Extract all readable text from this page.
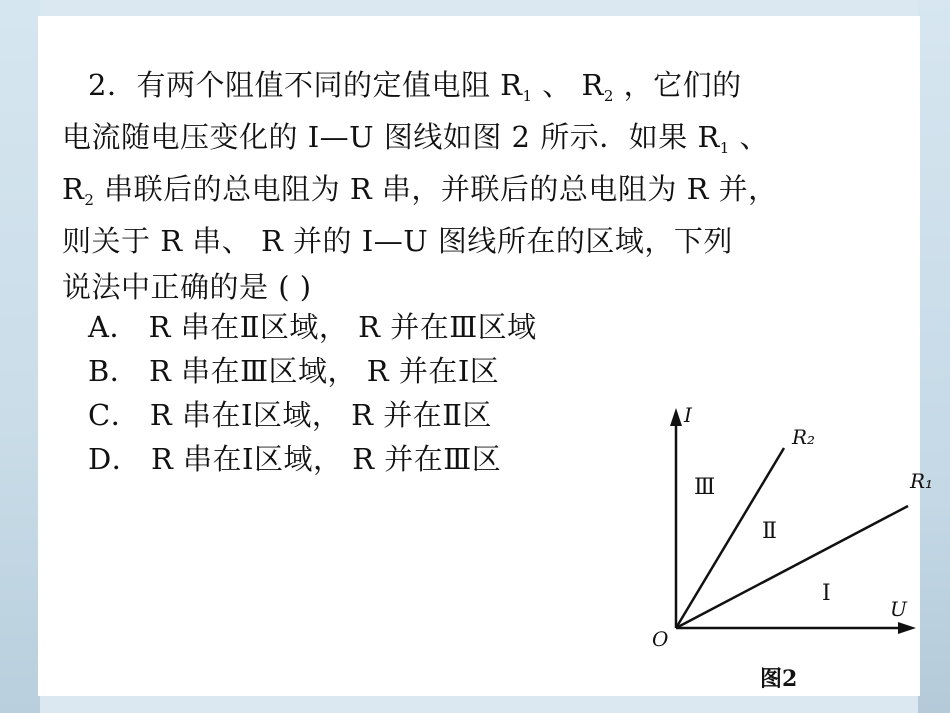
2．有两个阻值不同的定值电阻 $R_1$ 、 $R_2$ ，它们的
电流随电压变化的 I—U 图线如图 2 所示．如果 $R_1$ 、
$R_2$ 串联后的总电阻为 R 串，并联后的总电阻为 R 并，
则关于 R 串、 R 并的 I—U 图线所在的区域，下列
说法中正确的是 ( )
A． R 串在Ⅱ区域， R 并在Ⅲ区域
B． R 串在Ⅲ区域， R 并在Ⅰ区
C． R 串在Ⅰ区域， R 并在Ⅱ区
D． R 串在Ⅰ区域， R 并在Ⅲ区
I
U
O
R₂
R₁
Ⅲ
Ⅱ
Ⅰ
图2
